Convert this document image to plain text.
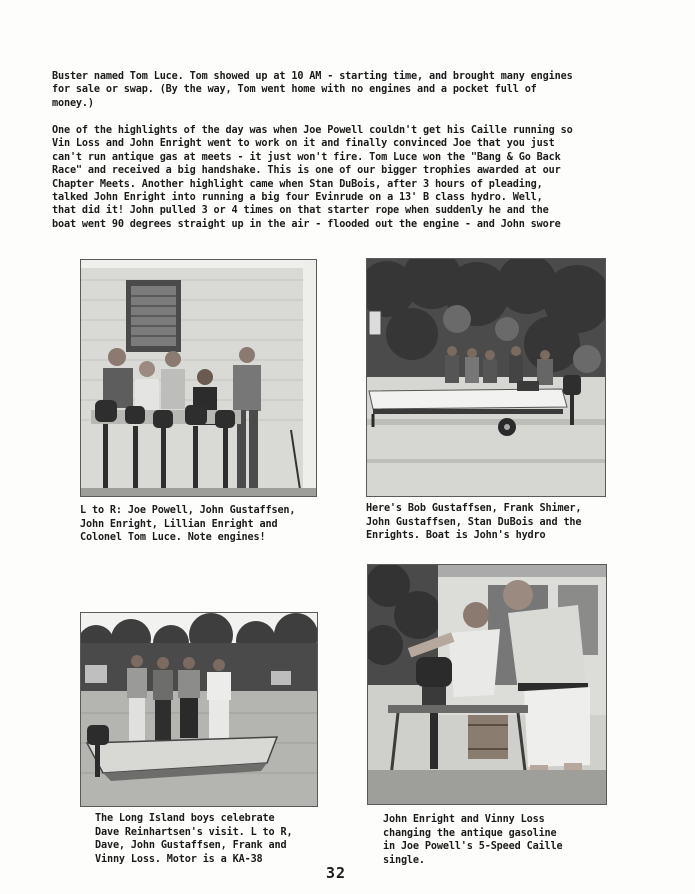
Buster named Tom Luce. Tom showed up at 10 AM - starting time, and brought many engines
for sale or swap. (By the way, Tom went home with no engines and a pocket full of
money.)
One of the highlights of the day was when Joe Powell couldn't get his Caille running so
Vin Loss and John Enright went to work on it and finally convinced Joe that you just
can't run antique gas at meets - it just won't fire. Tom Luce won the "Bang & Go Back
Race" and received a big handshake. This is one of our bigger trophies awarded at our
Chapter Meets. Another highlight came when Stan DuBois, after 3 hours of pleading,
talked John Enright into running a big four Evinrude on a 13' B class hydro. Well,
that did it! John pulled 3 or 4 times on that starter rope when suddenly he and the
boat went 90 degrees straight up in the air - flooded out the engine - and John swore
L to R: Joe Powell, John Gustaffsen,
John Enright, Lillian Enright and
Colonel Tom Luce. Note engines!
Here's Bob Gustaffsen, Frank Shimer,
John Gustaffsen, Stan DuBois and the
Enrights. Boat is John's hydro
The Long Island boys celebrate
Dave Reinhartsen's visit. L to R,
Dave, John Gustaffsen, Frank and
Vinny Loss. Motor is a KA-38
John Enright and Vinny Loss
changing the antique gasoline
in Joe Powell's 5-Speed Caille
single.
32
